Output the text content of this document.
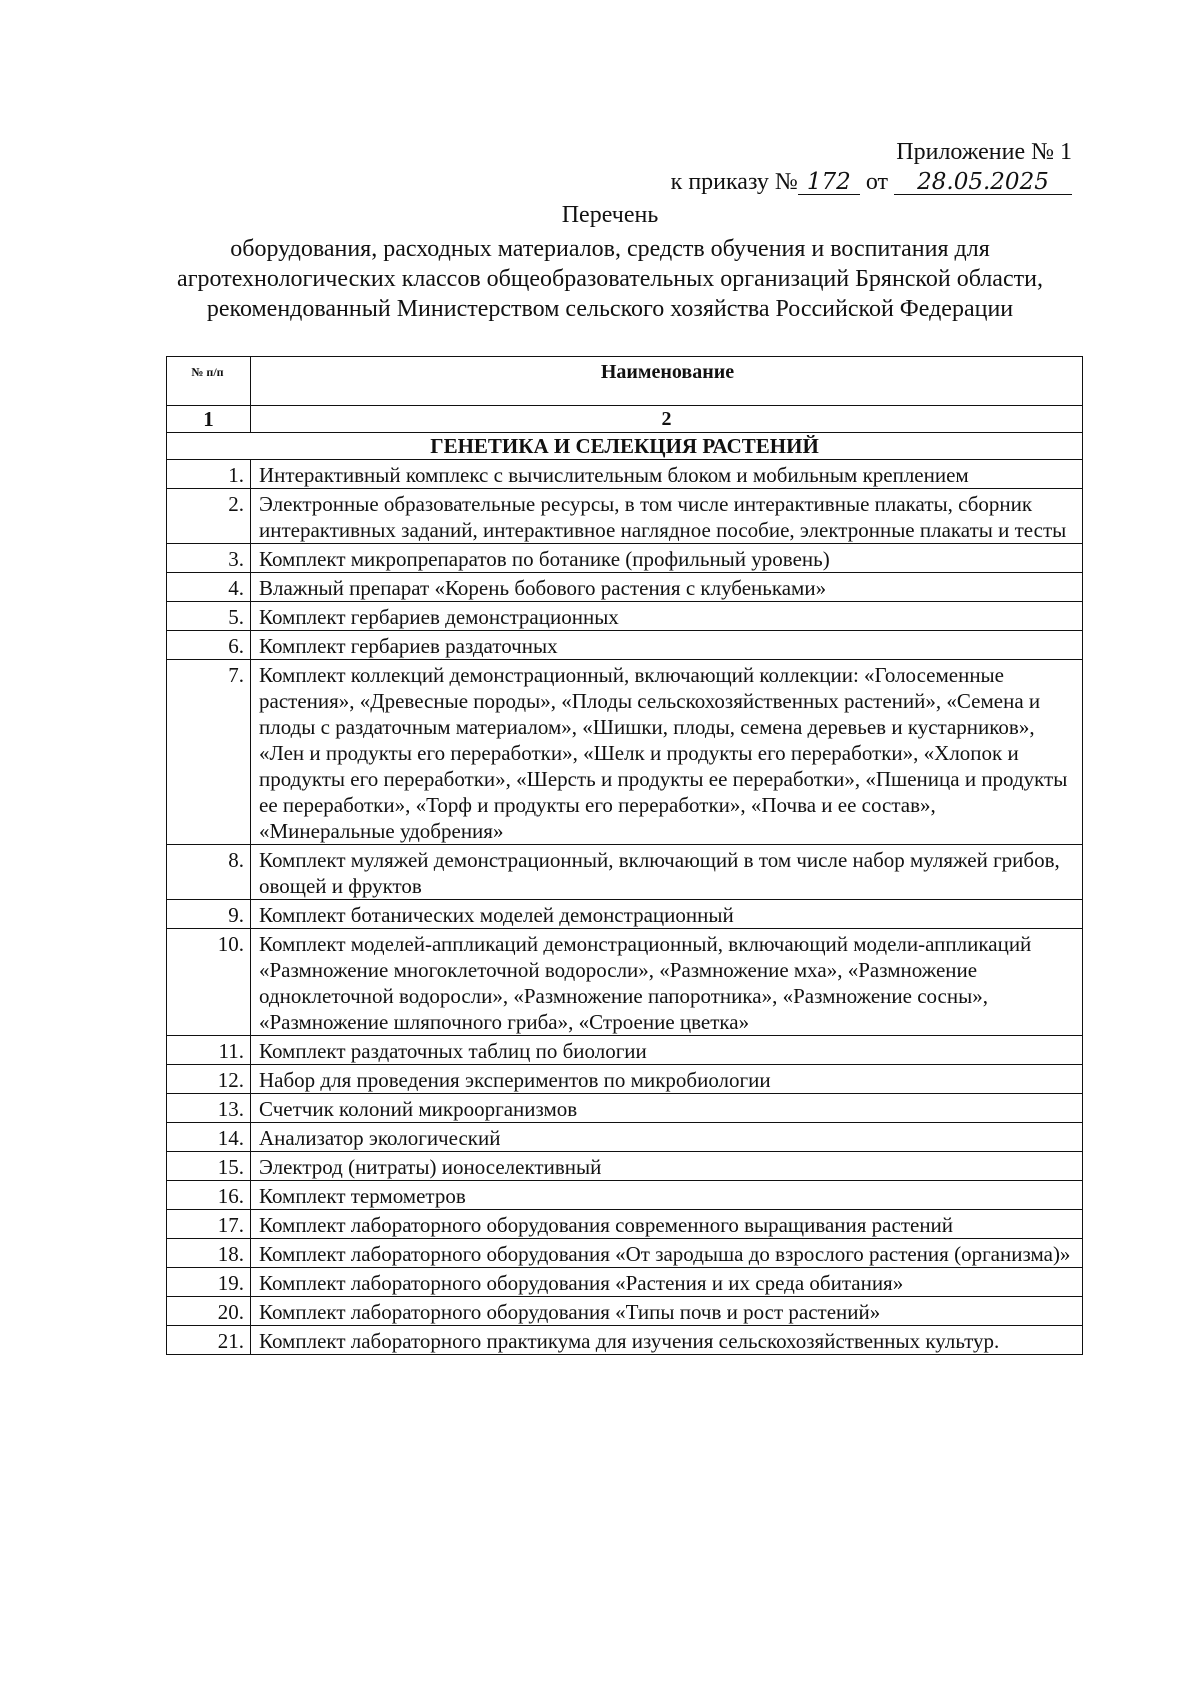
Приложение № 1
к приказу № 172 от 28.05.2025
Перечень
оборудования, расходных материалов, средств обучения и воспитания для агротехнологических классов общеобразовательных организаций Брянской области, рекомендованный Министерством сельского хозяйства Российской Федерации
№ п/п	Наименование
1	2
ГЕНЕТИКА И СЕЛЕКЦИЯ РАСТЕНИЙ	
1.	Интерактивный комплекс с вычислительным блоком и мобильным креплением
2.	Электронные образовательные ресурсы, в том числе интерактивные плакаты, сборник интерактивных заданий, интерактивное наглядное пособие, электронные плакаты и тесты
3.	Комплект микропрепаратов по ботанике (профильный уровень)
4.	Влажный препарат «Корень бобового растения с клубеньками»
5.	Комплект гербариев демонстрационных
6.	Комплект гербариев раздаточных
7.	Комплект коллекций демонстрационный, включающий коллекции: «Голосеменные растения», «Древесные породы», «Плоды сельскохозяйственных растений», «Семена и плоды с раздаточным материалом», «Шишки, плоды, семена деревьев и кустарников», «Лен и продукты его переработки», «Шелк и продукты его переработки», «Хлопок и продукты его переработки», «Шерсть и продукты ее переработки», «Пшеница и продукты ее переработки», «Торф и продукты его переработки», «Почва и ее состав», «Минеральные удобрения»
8.	Комплект муляжей демонстрационный, включающий в том числе набор муляжей грибов, овощей и фруктов
9.	Комплект ботанических моделей демонстрационный
10.	Комплект моделей-аппликаций демонстрационный, включающий модели-аппликаций «Размножение многоклеточной водоросли», «Размножение мха», «Размножение одноклеточной водоросли», «Размножение папоротника», «Размножение сосны», «Размножение шляпочного гриба», «Строение цветка»
11.	Комплект раздаточных таблиц по биологии
12.	Набор для проведения экспериментов по микробиологии
13.	Счетчик колоний микроорганизмов
14.	Анализатор экологический
15.	Электрод (нитраты) ионоселективный
16.	Комплект термометров
17.	Комплект лабораторного оборудования современного выращивания растений
18.	Комплект лабораторного оборудования «От зародыша до взрослого растения (организма)»
19.	Комплект лабораторного оборудования «Растения и их среда обитания»
20.	Комплект лабораторного оборудования «Типы почв и рост растений»
21.	Комплект лабораторного практикума для изучения сельскохозяйственных культур.
